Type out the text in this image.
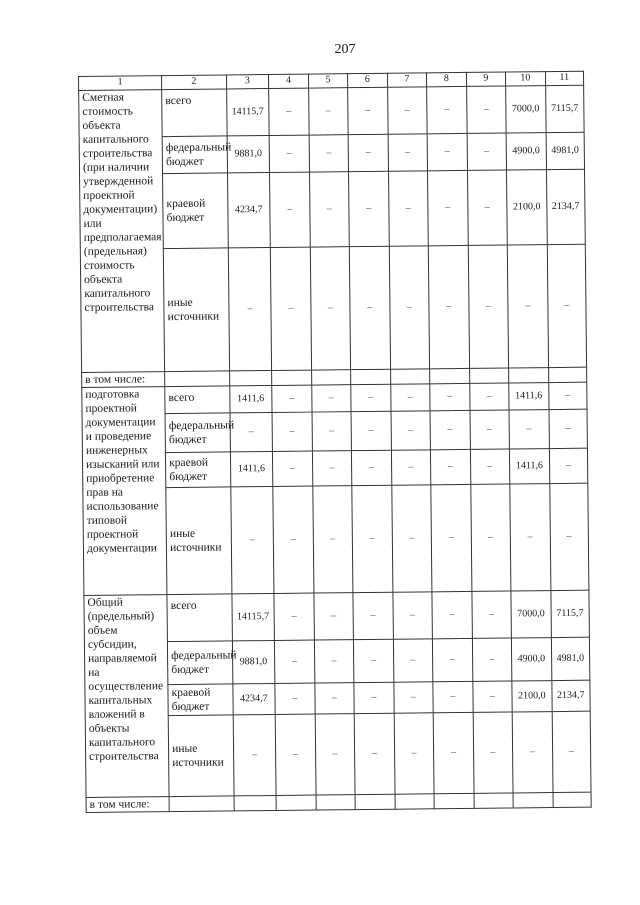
207
1	2	3	4	5	6	7	8	9	10	11
Сметная стоимость объекта капитального строительства (при наличии утвержденной проектной документации) или предполагаемая (предельная) стоимость объекта капитального строительства	всего	14115,7	–	–	–	–	–	–	7000,0	7115,7
	федеральный бюджет	9881,0	–	–	–	–	–	–	4900,0	4981,0
	краевой бюджет	4234,7	–	–	–	–	–	–	2100,0	2134,7
	иные источники	–	–	–	–	–	–	–	–	–
в том числе:										
подготовка проектной документации и проведение инженерных изысканий или приобретение прав на использование типовой проектной документации	всего	1411,6	–	–	–	–	–	–	1411,6	–
	федеральный бюджет	–	–	–	–	–	–	–	–	–
	краевой бюджет	1411,6	–	–	–	–	–	–	1411,6	–
	иные источники	–	–	–	–	–	–	–	–	–
Общий (предельный) объем субсидии, направляемой на осуществление капитальных вложений в объекты капитального строительства	всего	14115,7	–	–	–	–	–	–	7000,0	7115,7
	федеральный бюджет	9881,0	–	–	–	–	–	–	4900,0	4981,0
	краевой бюджет	4234,7	–	–	–	–	–	–	2100,0	2134,7
	иные источники	–	–	–	–	–	–	–	–	–
в том числе:										
